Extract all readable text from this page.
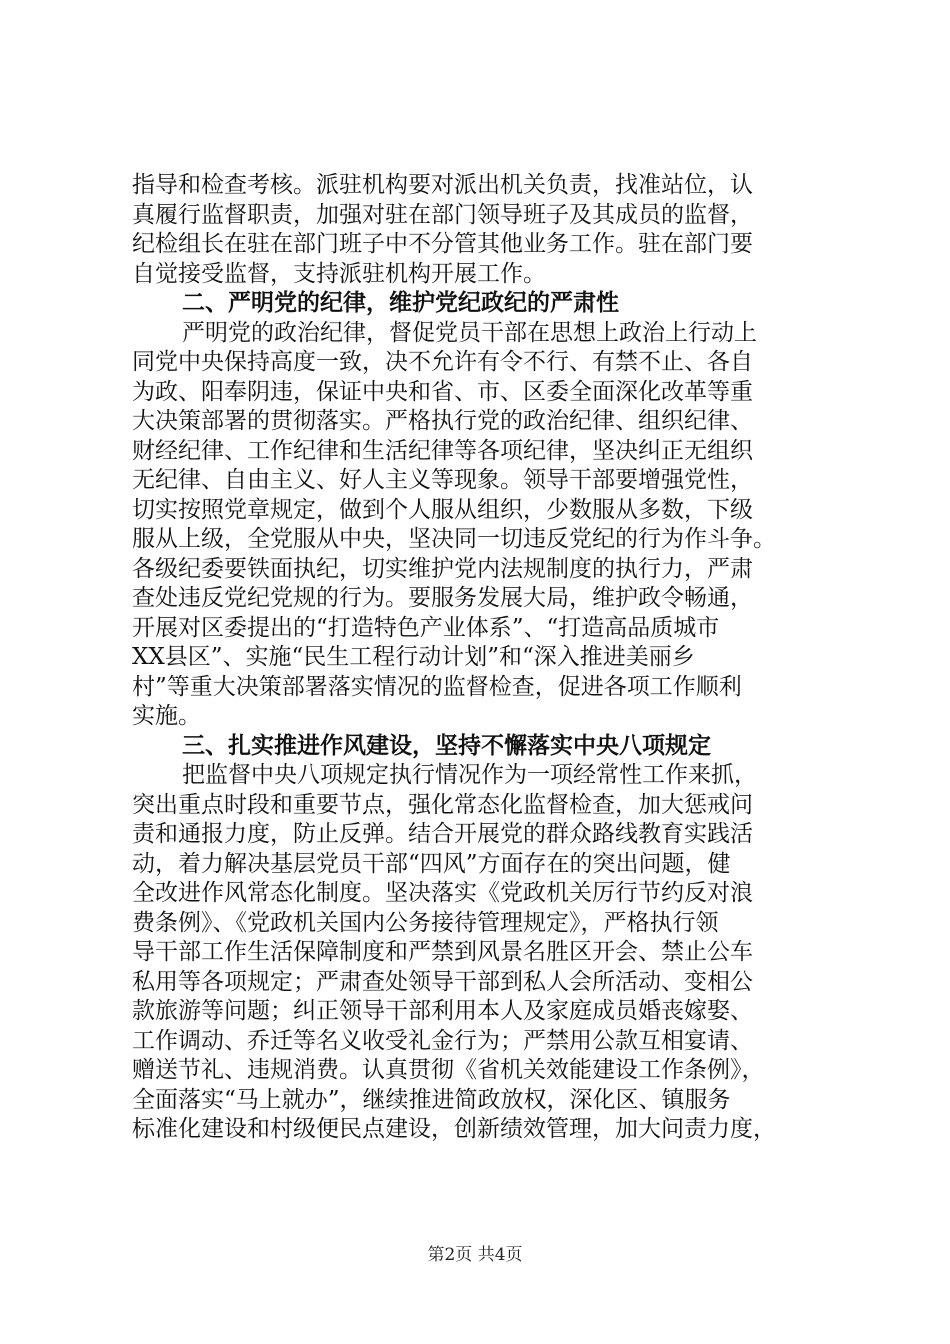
指导和检查考核。派驻机构要对派出机关负责，找准站位，认
真履行监督职责，加强对驻在部门领导班子及其成员的监督，
纪检组长在驻在部门班子中不分管其他业务工作。驻在部门要
自觉接受监督，支持派驻机构开展工作。
二、严明党的纪律，维护党纪政纪的严肃性
严明党的政治纪律，督促党员干部在思想上政治上行动上
同党中央保持高度一致，决不允许有令不行、有禁不止、各自
为政、阳奉阴违，保证中央和省、市、区委全面深化改革等重
大决策部署的贯彻落实。严格执行党的政治纪律、组织纪律、
财经纪律、工作纪律和生活纪律等各项纪律，坚决纠正无组织
无纪律、自由主义、好人主义等现象。领导干部要增强党性，
切实按照党章规定，做到个人服从组织，少数服从多数，下级
服从上级，全党服从中央，坚决同一切违反党纪的行为作斗争。
各级纪委要铁面执纪，切实维护党内法规制度的执行力，严肃
查处违反党纪党规的行为。要服务发展大局，维护政令畅通，
开展对区委提出的“打造特色产业体系”、“打造高品质城市
XX县区”、实施“民生工程行动计划”和“深入推进美丽乡
村”等重大决策部署落实情况的监督检查，促进各项工作顺利
实施。
三、扎实推进作风建设，坚持不懈落实中央八项规定
把监督中央八项规定执行情况作为一项经常性工作来抓，
突出重点时段和重要节点，强化常态化监督检查，加大惩戒问
责和通报力度，防止反弹。结合开展党的群众路线教育实践活
动，着力解决基层党员干部“四风”方面存在的突出问题，健
全改进作风常态化制度。坚决落实《党政机关厉行节约反对浪
费条例》、《党政机关国内公务接待管理规定》，严格执行领
导干部工作生活保障制度和严禁到风景名胜区开会、禁止公车
私用等各项规定；严肃查处领导干部到私人会所活动、变相公
款旅游等问题；纠正领导干部利用本人及家庭成员婚丧嫁娶、
工作调动、乔迁等名义收受礼金行为；严禁用公款互相宴请、
赠送节礼、违规消费。认真贯彻《省机关效能建设工作条例》，
全面落实“马上就办”，继续推进简政放权，深化区、镇服务
标准化建设和村级便民点建设，创新绩效管理，加大问责力度，
第2页 共4页
